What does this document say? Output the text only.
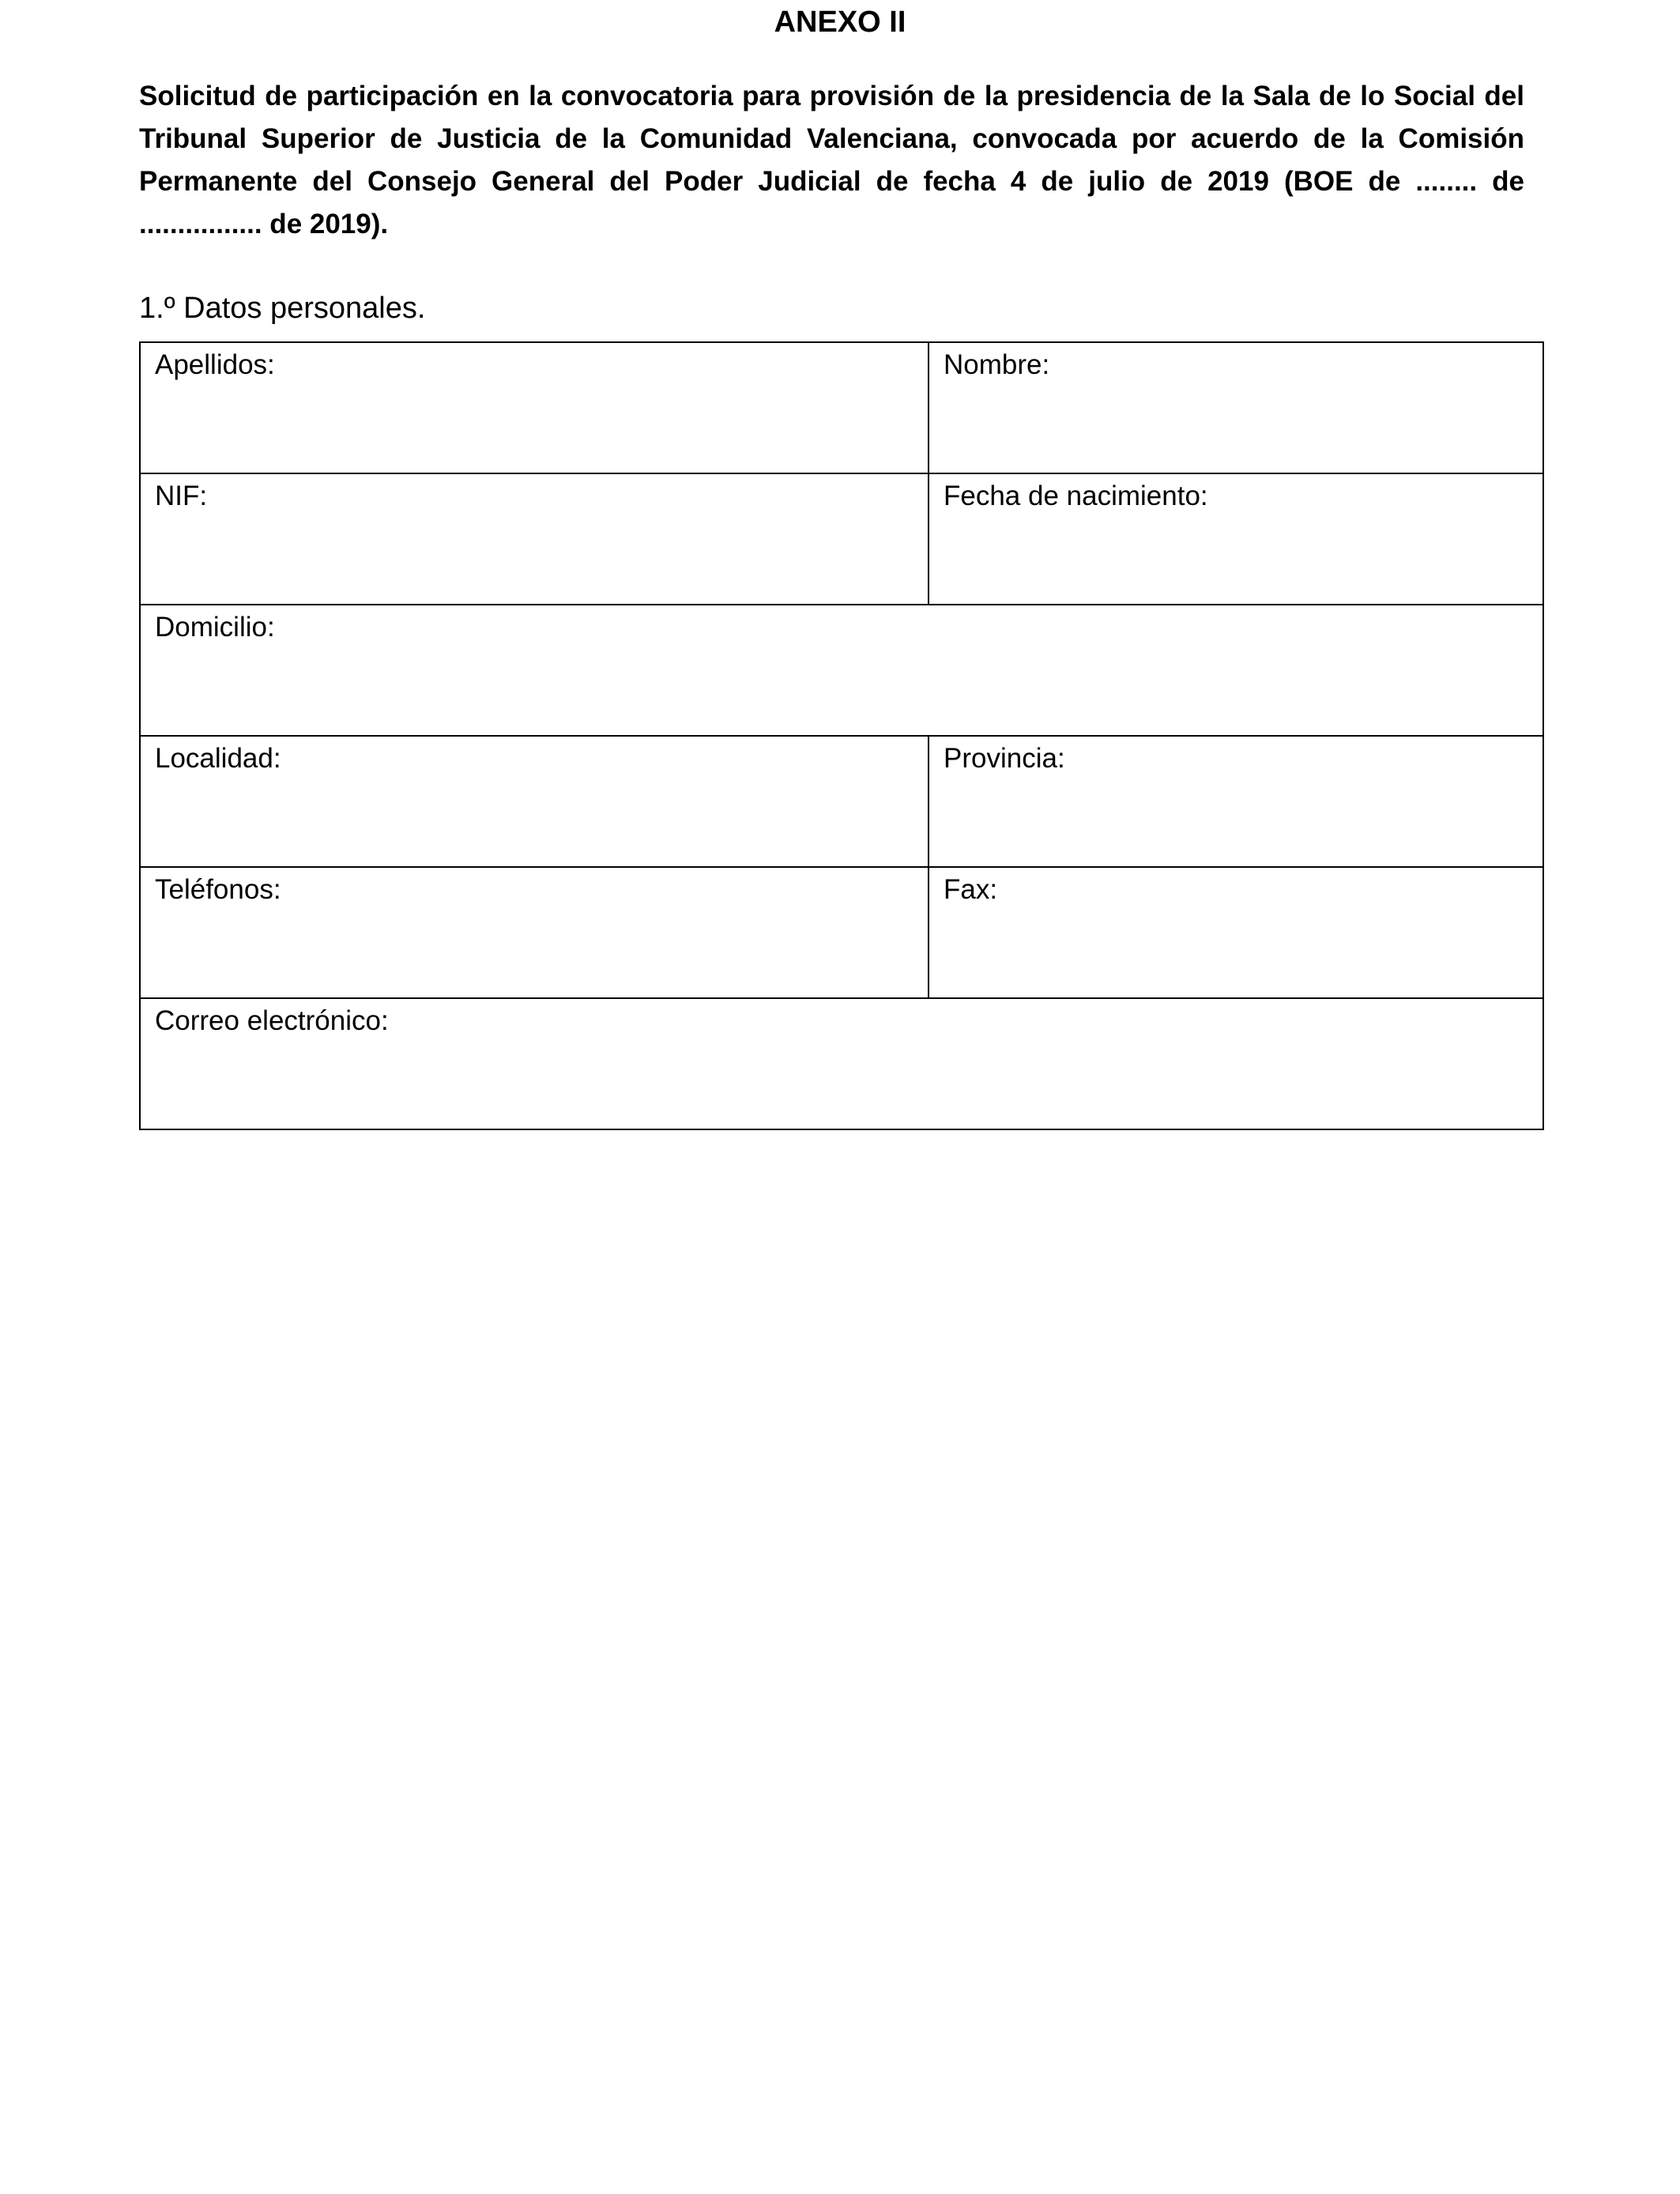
ANEXO II
Solicitud de participación en la convocatoria para provisión de la presidencia de la Sala de lo Social del Tribunal Superior de Justicia de la Comunidad Valenciana, convocada por acuerdo de la Comisión Permanente del Consejo General del Poder Judicial de fecha 4 de julio de 2019 (BOE de ........ de ................ de 2019).
1.º Datos personales.
Apellidos:	Nombre:
NIF:	Fecha de nacimiento:
Domicilio:	
Localidad:	Provincia:
Teléfonos:	Fax:
Correo electrónico:	
